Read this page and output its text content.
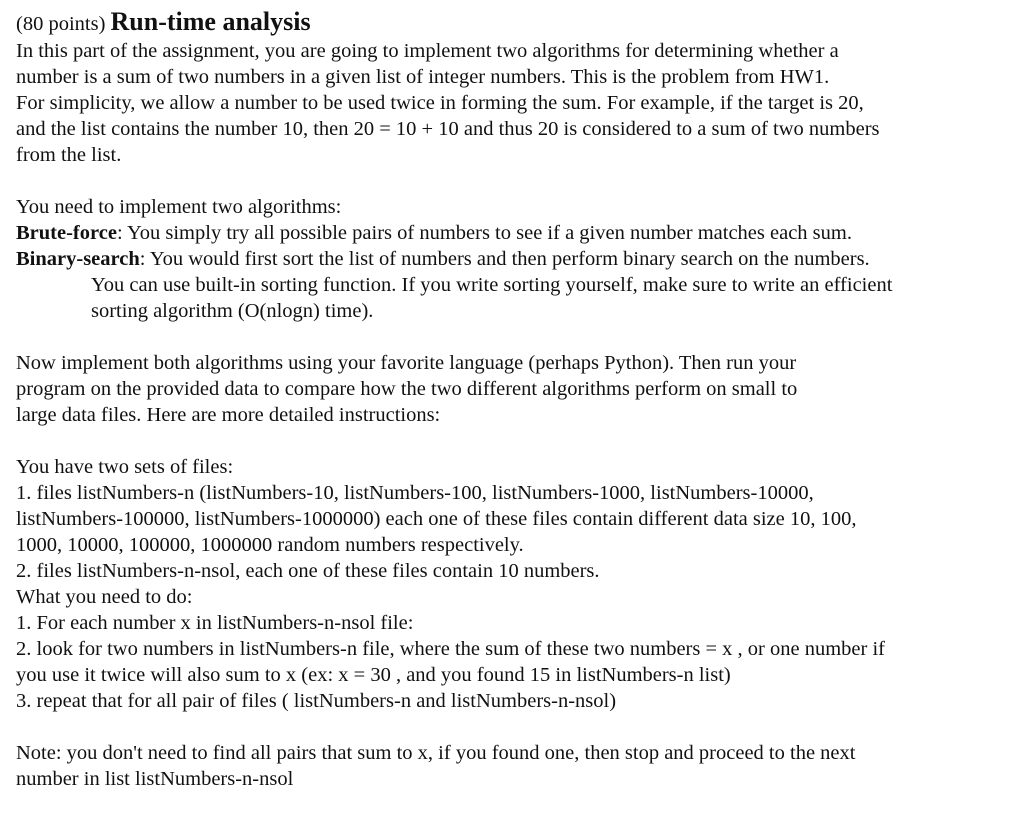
(80 points) Run-time analysis
In this part of the assignment, you are going to implement two algorithms for determining whether a
number is a sum of two numbers in a given list of integer numbers. This is the problem from HW1.
For simplicity, we allow a number to be used twice in forming the sum. For example, if the target is 20,
and the list contains the number 10, then 20 = 10 + 10 and thus 20 is considered to a sum of two numbers
from the list.
You need to implement two algorithms:
Brute-force: You simply try all possible pairs of numbers to see if a given number matches each sum.
Binary-search: You would first sort the list of numbers and then perform binary search on the numbers.
You can use built-in sorting function. If you write sorting yourself, make sure to write an efficient
sorting algorithm (O(nlogn) time).
Now implement both algorithms using your favorite language (perhaps Python). Then run your
program on the provided data to compare how the two different algorithms perform on small to
large data files. Here are more detailed instructions:
You have two sets of files:
1. files listNumbers-n (listNumbers-10, listNumbers-100, listNumbers-1000, listNumbers-10000,
listNumbers-100000, listNumbers-1000000) each one of these files contain different data size 10, 100,
1000, 10000, 100000, 1000000 random numbers respectively.
2. files listNumbers-n-nsol, each one of these files contain 10 numbers.
What you need to do:
1. For each number x in listNumbers-n-nsol file:
2. look for two numbers in listNumbers-n file, where the sum of these two numbers = x , or one number if
you use it twice will also sum to x (ex: x = 30 , and you found 15 in listNumbers-n list)
3. repeat that for all pair of files ( listNumbers-n and listNumbers-n-nsol)
Note: you don't need to find all pairs that sum to x, if you found one, then stop and proceed to the next
number in list listNumbers-n-nsol
